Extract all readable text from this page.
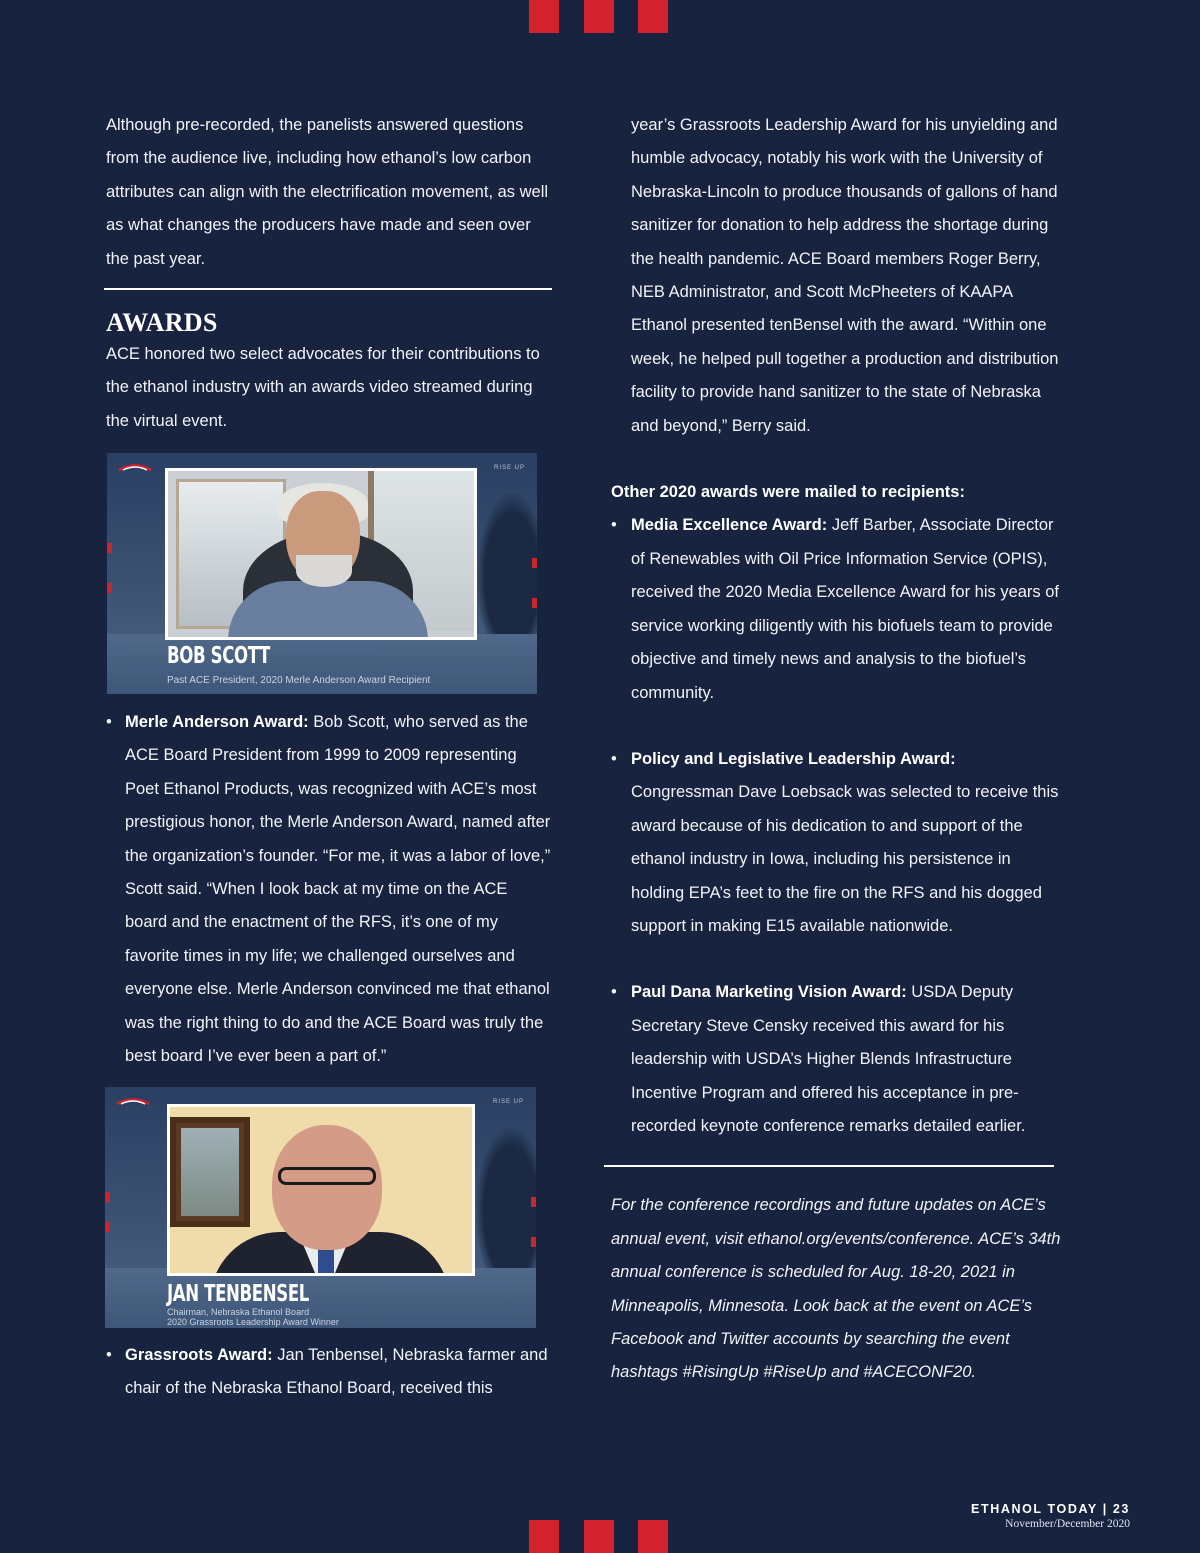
Although pre-recorded, the panelists answered questions from the audience live, including how ethanol’s low carbon attributes can align with the electrification movement, as well as what changes the producers have made and seen over the past year.

AWARDS

ACE honored two select advocates for their contributions to the ethanol industry with an awards video streamed during the virtual event.

RISE UP
BOB SCOTT
Past ACE President, 2020 Merle Anderson Award Recipient
• Merle Anderson Award: Bob Scott, who served as the ACE Board President from 1999 to 2009 representing Poet Ethanol Products, was recognized with ACE’s most prestigious honor, the Merle Anderson Award, named after the organization’s founder. “For me, it was a labor of love,” Scott said. “When I look back at my time on the ACE board and the enactment of the RFS, it’s one of my favorite times in my life; we challenged ourselves and everyone else. Merle Anderson convinced me that ethanol was the right thing to do and the ACE Board was truly the best board I’ve ever been a part of.”
RISE UP
JAN TENBENSEL
Chairman, Nebraska Ethanol Board
2020 Grassroots Leadership Award Winner
• Grassroots Award: Jan Tenbensel, Nebraska farmer and chair of the Nebraska Ethanol Board, received this

year’s Grassroots Leadership Award for his unyielding and humble advocacy, notably his work with the University of Nebraska-Lincoln to produce thousands of gallons of hand sanitizer for donation to help address the shortage during the health pandemic. ACE Board members Roger Berry, NEB Administrator, and Scott McPheeters of KAAPA Ethanol presented tenBensel with the award. “Within one week, he helped pull together a production and distribution facility to provide hand sanitizer to the state of Nebraska and beyond,” Berry said.

Other 2020 awards were mailed to recipients:

• Media Excellence Award: Jeff Barber, Associate Director of Renewables with Oil Price Information Service (OPIS), received the 2020 Media Excellence Award for his years of service working diligently with his biofuels team to provide objective and timely news and analysis to the biofuel’s community.
• Policy and Legislative Leadership Award: Congressman Dave Loebsack was selected to receive this award because of his dedication to and support of the ethanol industry in Iowa, including his persistence in holding EPA’s feet to the fire on the RFS and his dogged support in making E15 available nationwide.
• Paul Dana Marketing Vision Award: USDA Deputy Secretary Steve Censky received this award for his leadership with USDA’s Higher Blends Infrastructure Incentive Program and offered his acceptance in pre-recorded keynote conference remarks detailed earlier.

For the conference recordings and future updates on ACE’s annual event, visit ethanol.org/events/conference. ACE’s 34th annual conference is scheduled for Aug. 18-20, 2021 in Minneapolis, Minnesota. Look back at the event on ACE’s Facebook and Twitter accounts by searching the event hashtags #RisingUp #RiseUp and #ACECONF20.

ETHANOL TODAY | 23
November/December 2020
